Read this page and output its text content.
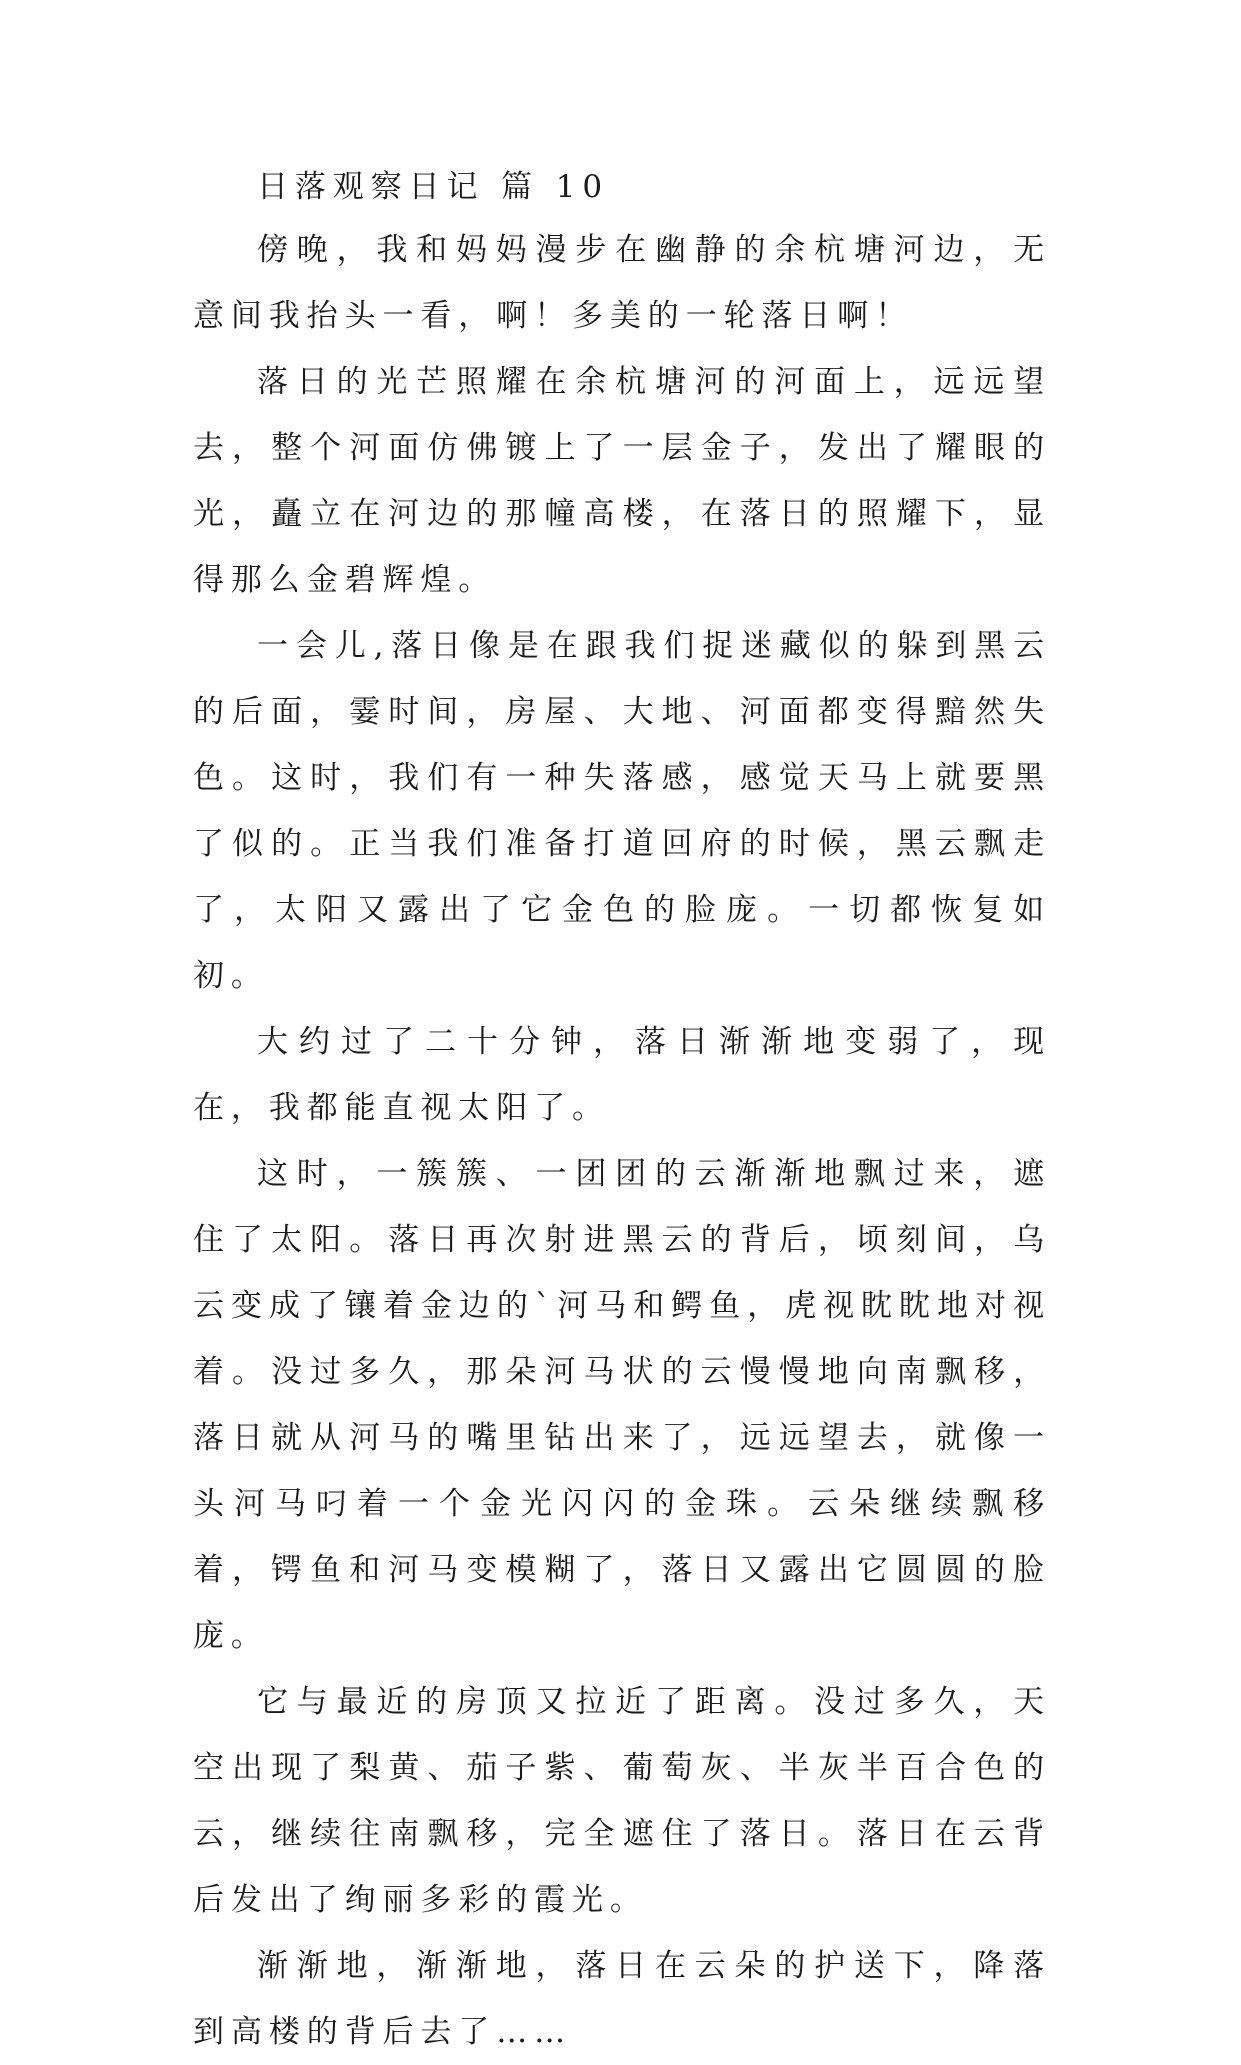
日落观察日记 篇 10

傍晚，我和妈妈漫步在幽静的余杭塘河边，无意间我抬头一看，啊！多美的一轮落日啊！

落日的光芒照耀在余杭塘河的河面上，远远望去，整个河面仿佛镀上了一层金子，发出了耀眼的光，矗立在河边的那幢高楼，在落日的照耀下，显得那么金碧辉煌。

一会儿,落日像是在跟我们捉迷藏似的躲到黑云的后面，霎时间，房屋、大地、河面都变得黯然失色。这时，我们有一种失落感，感觉天马上就要黑了似的。正当我们准备打道回府的时候，黑云飘走了，太阳又露出了它金色的脸庞。一切都恢复如初。

大约过了二十分钟，落日渐渐地变弱了，现在，我都能直视太阳了。

这时，一簇簇、一团团的云渐渐地飘过来，遮住了太阳。落日再次射进黑云的背后，顷刻间，乌云变成了镶着金边的`河马和鳄鱼，虎视眈眈地对视着。没过多久，那朵河马状的云慢慢地向南飘移，落日就从河马的嘴里钻出来了，远远望去，就像一头河马叼着一个金光闪闪的金珠。云朵继续飘移着，锷鱼和河马变模糊了，落日又露出它圆圆的脸庞。

它与最近的房顶又拉近了距离。没过多久，天空出现了梨黄、茄子紫、葡萄灰、半灰半百合色的云，继续往南飘移，完全遮住了落日。落日在云背后发出了绚丽多彩的霞光。

渐渐地，渐渐地，落日在云朵的护送下，降落到高楼的背后去了……
